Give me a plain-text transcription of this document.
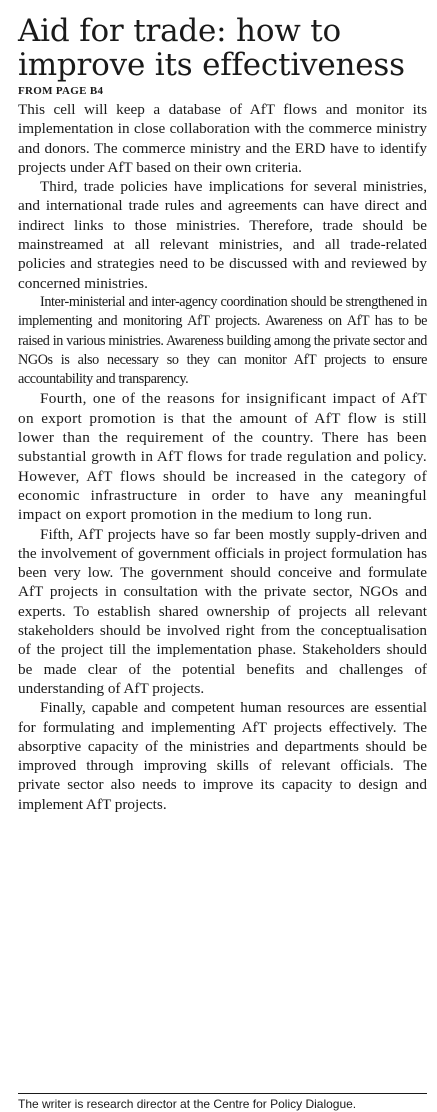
Aid for trade: how to improve its effectiveness
FROM PAGE B4

This cell will keep a database of AfT flows and monitor its implementation in close collaboration with the commerce ministry and donors. The commerce ministry and the ERD have to identify projects under AfT based on their own criteria.

Third, trade policies have implications for several ministries, and international trade rules and agreements can have direct and indirect links to those ministries. Therefore, trade should be mainstreamed at all relevant ministries, and all trade-related policies and strategies need to be discussed with and reviewed by concerned ministries.

Inter-ministerial and inter-agency coordination should be strengthened in implementing and monitoring AfT projects. Awareness on AfT has to be raised in various ministries. Awareness building among the private sector and NGOs is also necessary so they can monitor AfT projects to ensure accountability and transparency.

Fourth, one of the reasons for insignificant impact of AfT on export promotion is that the amount of AfT flow is still lower than the requirement of the country. There has been substantial growth in AfT flows for trade regulation and policy. However, AfT flows should be increased in the category of economic infrastructure in order to have any meaningful impact on export promotion in the medium to long run.

Fifth, AfT projects have so far been mostly supply-driven and the involvement of government officials in project formulation has been very low. The government should conceive and formulate AfT projects in consultation with the private sector, NGOs and experts. To establish shared ownership of projects all relevant stakeholders should be involved right from the conceptualisation of the project till the implementation phase. Stakeholders should be made clear of the potential benefits and challenges of understanding of AfT projects.

Finally, capable and competent human resources are essential for formulating and implementing AfT projects effectively. The absorptive capacity of the ministries and departments should be improved through improving skills of relevant officials. The private sector also needs to improve its capacity to design and implement AfT projects.

The writer is research director at the Centre for Policy Dialogue.
